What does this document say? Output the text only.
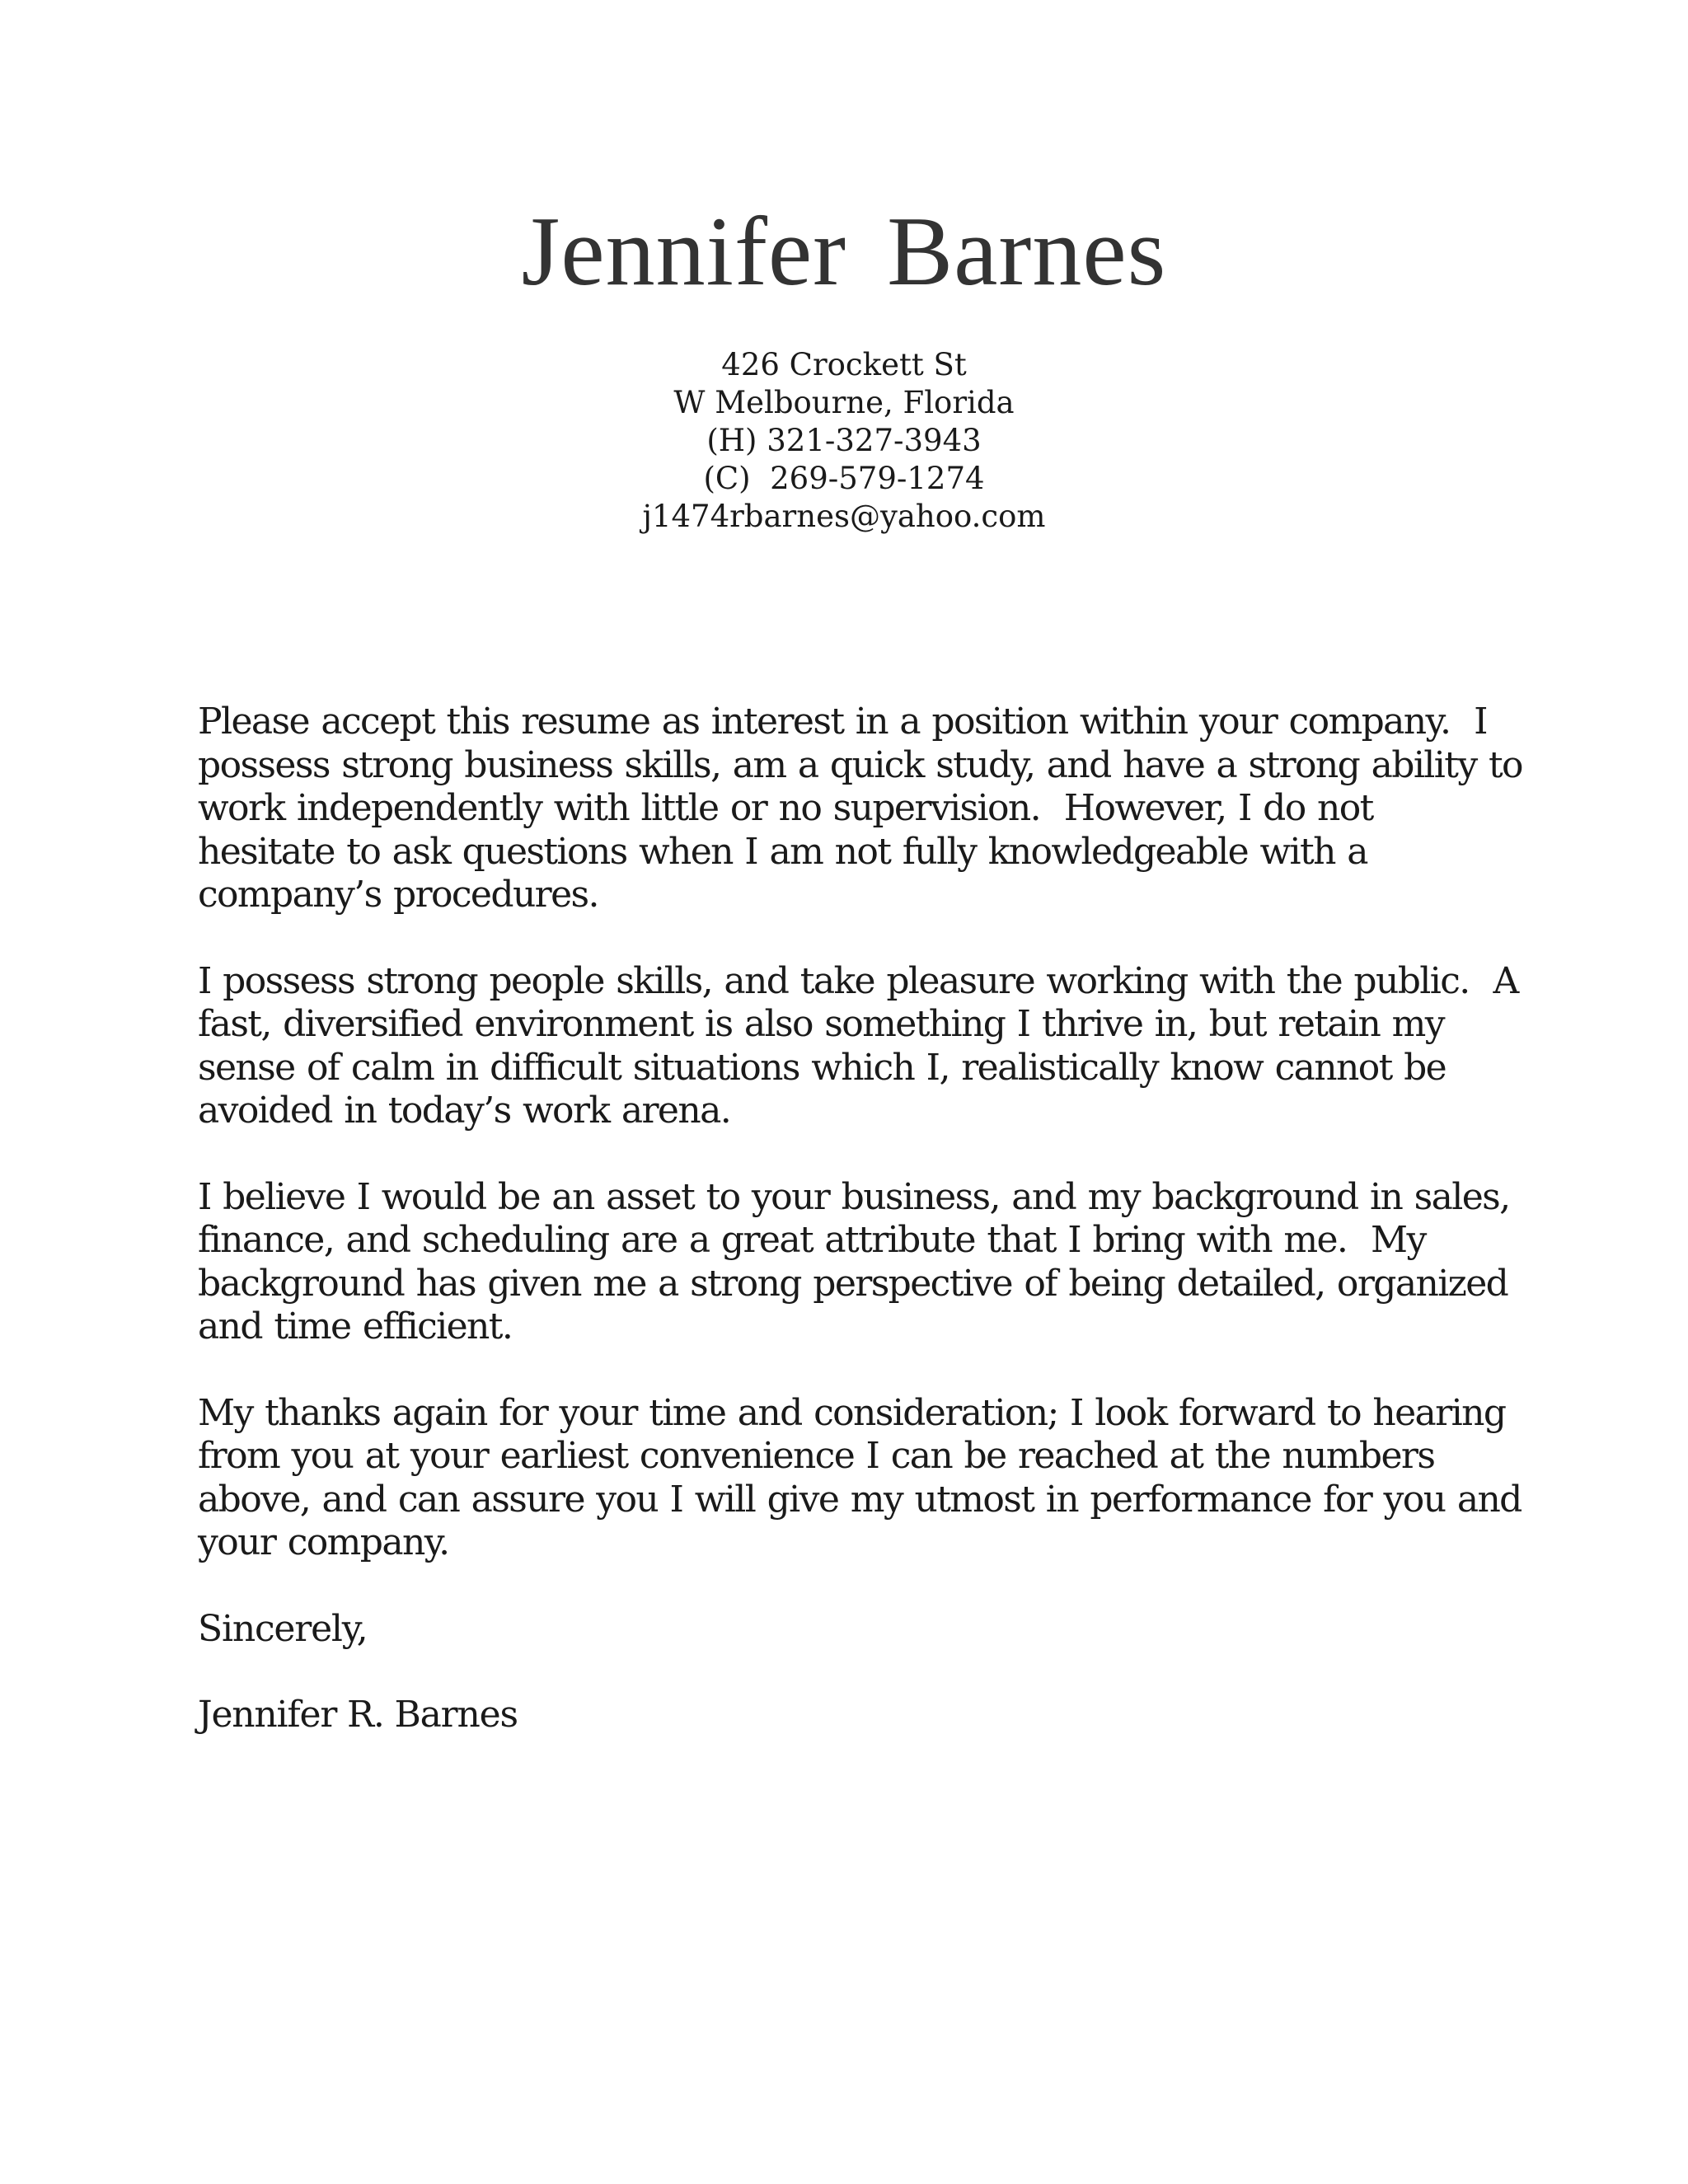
Jennifer Barnes
426 Crockett St
W Melbourne, Florida
(H) 321-327-3943
(C)  269-579-1274
j1474rbarnes@yahoo.com

Please accept this resume as interest in a position within your company.  I
possess strong business skills, am a quick study, and have a strong ability to
work independently with little or no supervision.  However, I do not
hesitate to ask questions when I am not fully knowledgeable with a
company’s procedures.

I possess strong people skills, and take pleasure working with the public.  A
fast, diversified environment is also something I thrive in, but retain my
sense of calm in difficult situations which I, realistically know cannot be
avoided in today’s work arena.

I believe I would be an asset to your business, and my background in sales,
finance, and scheduling are a great attribute that I bring with me.  My
background has given me a strong perspective of being detailed, organized
and time efficient.

My thanks again for your time and consideration; I look forward to hearing
from you at your earliest convenience I can be reached at the numbers
above, and can assure you I will give my utmost in performance for you and
your company.

Sincerely,

Jennifer R. Barnes
